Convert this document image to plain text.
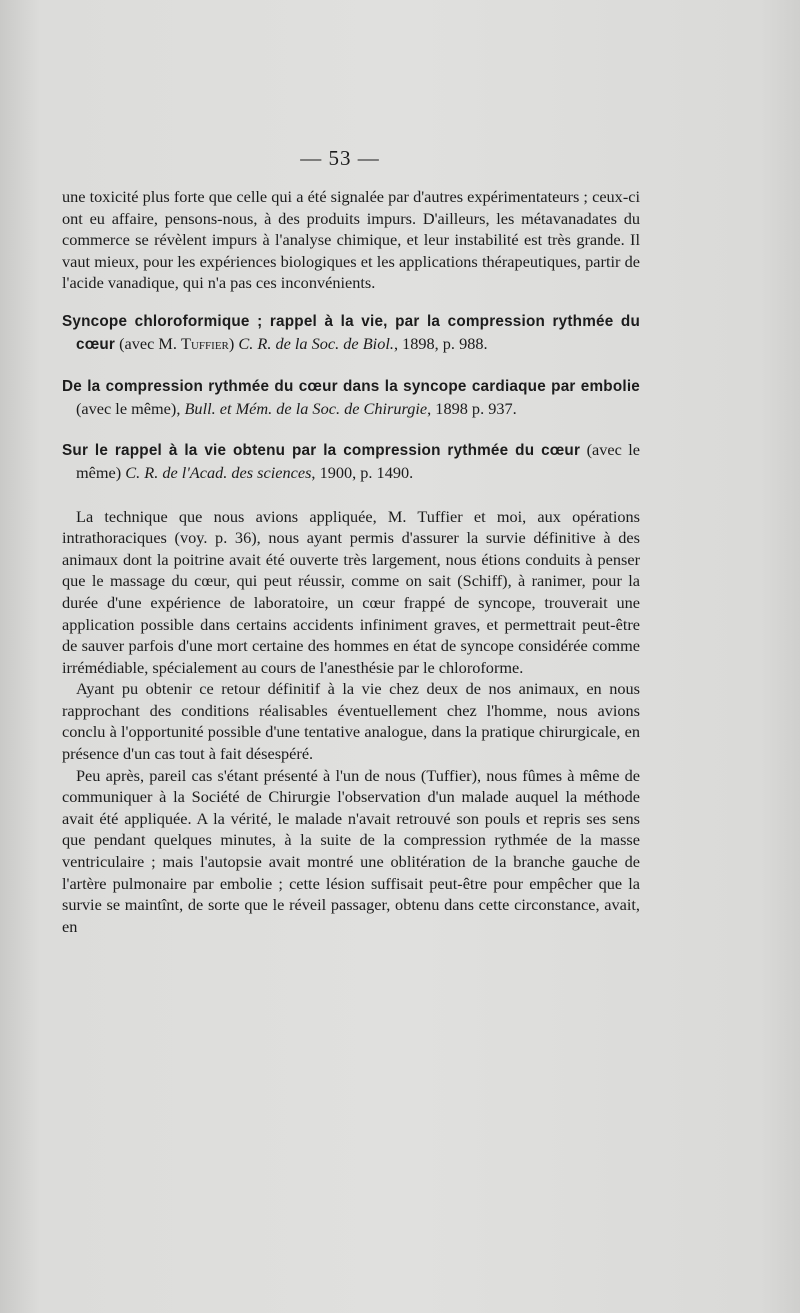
— 53 —

une toxicité plus forte que celle qui a été signalée par d'autres expérimentateurs ; ceux-ci ont eu affaire, pensons-nous, à des produits impurs. D'ailleurs, les métavanadates du commerce se révèlent impurs à l'analyse chimique, et leur instabilité est très grande. Il vaut mieux, pour les expériences biologiques et les applications thérapeutiques, partir de l'acide vanadique, qui n'a pas ces inconvénients.

Syncope chloroformique ; rappel à la vie, par la compression rythmée du cœur (avec M. Tuffier) C. R. de la Soc. de Biol., 1898, p. 988.

De la compression rythmée du cœur dans la syncope cardiaque par embolie (avec le même), Bull. et Mém. de la Soc. de Chirurgie, 1898 p. 937.

Sur le rappel à la vie obtenu par la compression rythmée du cœur (avec le même) C. R. de l'Acad. des sciences, 1900, p. 1490.

La technique que nous avions appliquée, M. Tuffier et moi, aux opérations intrathoraciques (voy. p. 36), nous ayant permis d'assurer la survie définitive à des animaux dont la poitrine avait été ouverte très largement, nous étions conduits à penser que le massage du cœur, qui peut réussir, comme on sait (Schiff), à ranimer, pour la durée d'une expérience de laboratoire, un cœur frappé de syncope, trouverait une application possible dans certains accidents infiniment graves, et permettrait peut-être de sauver parfois d'une mort certaine des hommes en état de syncope considérée comme irrémédiable, spécialement au cours de l'anesthésie par le chloroforme.

Ayant pu obtenir ce retour définitif à la vie chez deux de nos animaux, en nous rapprochant des conditions réalisables éventuellement chez l'homme, nous avions conclu à l'opportunité possible d'une tentative analogue, dans la pratique chirurgicale, en présence d'un cas tout à fait désespéré.

Peu après, pareil cas s'étant présenté à l'un de nous (Tuffier), nous fûmes à même de communiquer à la Société de Chirurgie l'observation d'un malade auquel la méthode avait été appliquée. A la vérité, le malade n'avait retrouvé son pouls et repris ses sens que pendant quelques minutes, à la suite de la compression rythmée de la masse ventriculaire ; mais l'autopsie avait montré une oblitération de la branche gauche de l'artère pulmonaire par embolie ; cette lésion suffisait peut-être pour empêcher que la survie se maintînt, de sorte que le réveil passager, obtenu dans cette circonstance, avait, en
